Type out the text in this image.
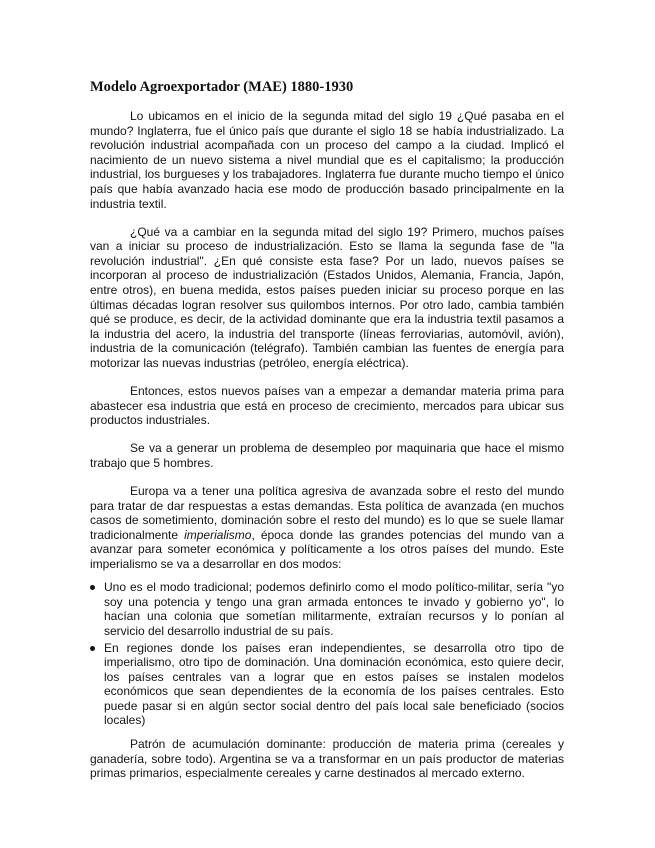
Modelo Agroexportador (MAE) 1880-1930

Lo ubicamos en el inicio de la segunda mitad del siglo 19 ¿Qué pasaba en el mundo? Inglaterra, fue el único país que durante el siglo 18 se había industrializado. La revolución industrial acompañada con un proceso del campo a la ciudad. Implicó el nacimiento de un nuevo sistema a nivel mundial que es el capitalismo; la producción industrial, los burgueses y los trabajadores. Inglaterra fue durante mucho tiempo el único país que había avanzado hacia ese modo de producción basado principalmente en la industria textil.

¿Qué va a cambiar en la segunda mitad del siglo 19? Primero, muchos países van a iniciar su proceso de industrialización. Esto se llama la segunda fase de "la revolución industrial". ¿En qué consiste esta fase? Por un lado, nuevos países se incorporan al proceso de industrialización (Estados Unidos, Alemania, Francia, Japón, entre otros), en buena medida, estos países pueden iniciar su proceso porque en las últimas décadas logran resolver sus quilombos internos. Por otro lado, cambia también qué se produce, es decir, de la actividad dominante que era la industria textil pasamos a la industria del acero, la industria del transporte (líneas ferroviarias, automóvil, avión), industria de la comunicación (telégrafo). También cambian las fuentes de energía para motorizar las nuevas industrias (petróleo, energía eléctrica).

Entonces, estos nuevos países van a empezar a demandar materia prima para abastecer esa industria que está en proceso de crecimiento, mercados para ubicar sus productos industriales.

Se va a generar un problema de desempleo por maquinaria que hace el mismo trabajo que 5 hombres.

Europa va a tener una política agresiva de avanzada sobre el resto del mundo para tratar de dar respuestas a estas demandas. Esta política de avanzada (en muchos casos de sometimiento, dominación sobre el resto del mundo) es lo que se suele llamar tradicionalmente imperialismo, época donde las grandes potencias del mundo van a avanzar para someter económica y políticamente a los otros países del mundo. Este imperialismo se va a desarrollar en dos modos:

Uno es el modo tradicional; podemos definirlo como el modo político-militar, sería "yo soy una potencia y tengo una gran armada entonces te invado y gobierno yo", lo hacían una colonia que sometían militarmente, extraían recursos y lo ponían al servicio del desarrollo industrial de su país.
En regiones donde los países eran independientes, se desarrolla otro tipo de imperialismo, otro tipo de dominación. Una dominación económica, esto quiere decir, los países centrales van a lograr que en estos países se instalen modelos económicos que sean dependientes de la economía de los países centrales. Esto puede pasar si en algún sector social dentro del país local sale beneficiado (socios locales)

Patrón de acumulación dominante: producción de materia prima (cereales y ganadería, sobre todo). Argentina se va a transformar en un país productor de materias primas primarios, especialmente cereales y carne destinados al mercado externo.
